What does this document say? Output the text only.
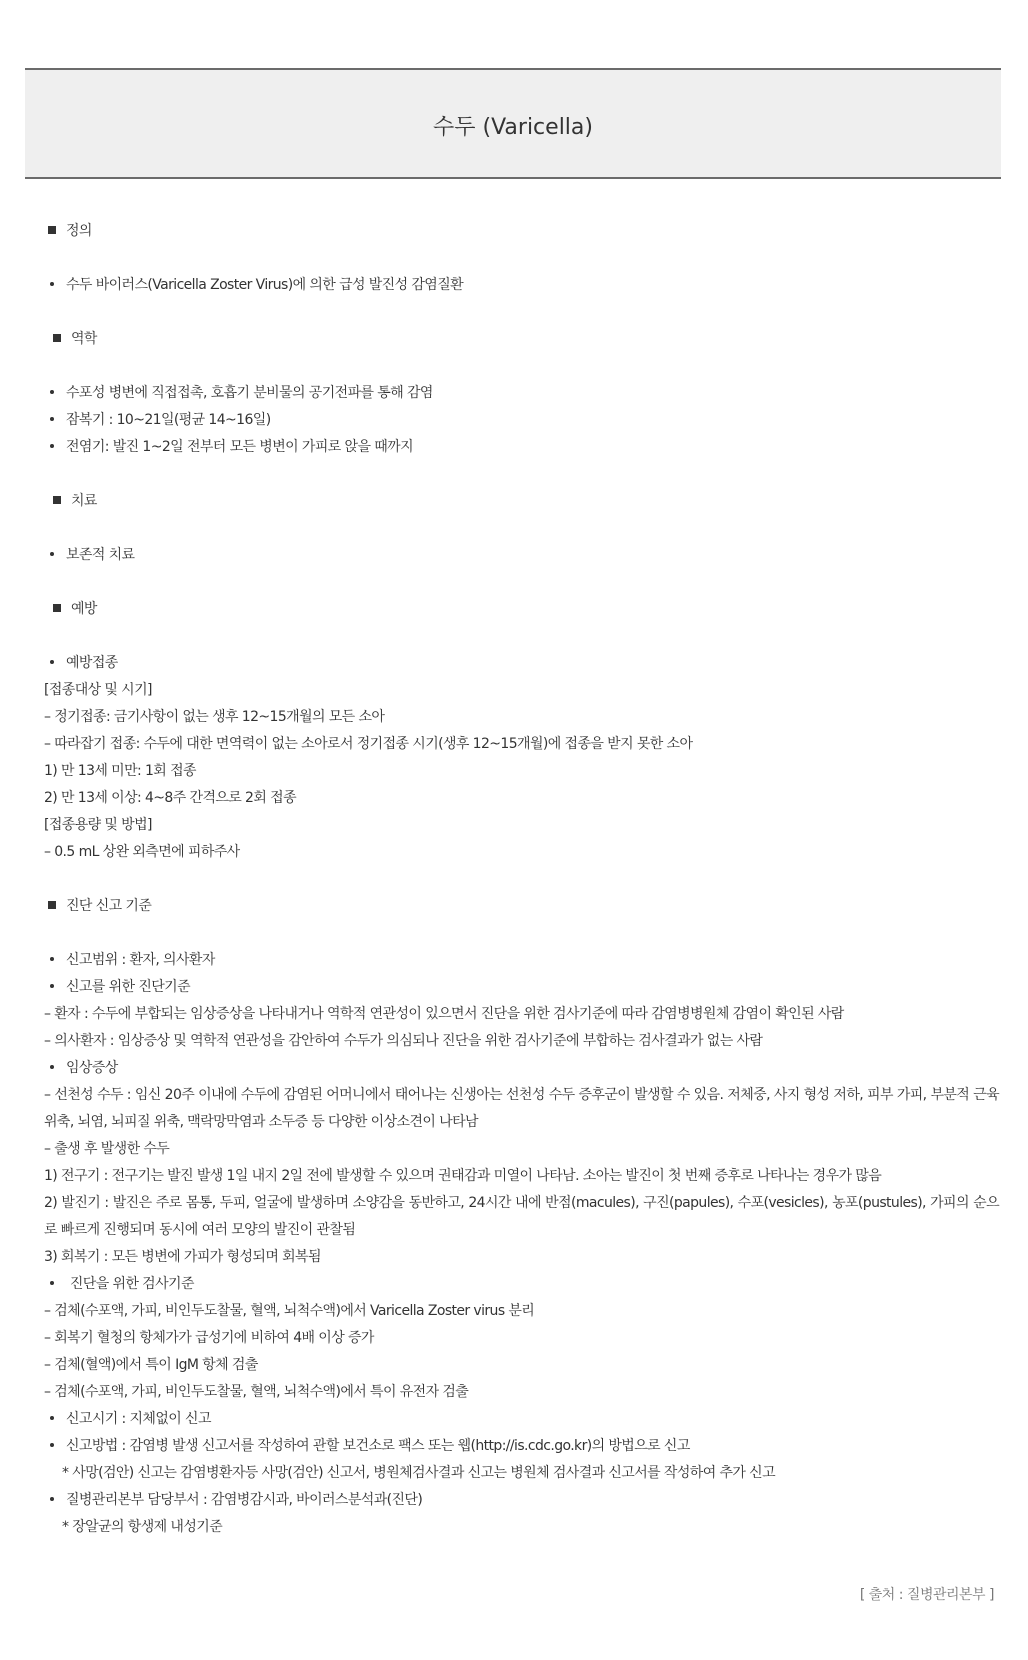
수두 (Varicella)
정의
수두 바이러스(Varicella Zoster Virus)에 의한 급성 발진성 감염질환
역학
수포성 병변에 직접접촉, 호흡기 분비물의 공기전파를 통해 감염
잠복기 : 10~21일(평균 14~16일)
전염기: 발진 1~2일 전부터 모든 병변이 가피로 앉을 때까지
치료
보존적 치료
예방
예방접종
[접종대상 및 시기]
– 정기접종: 금기사항이 없는 생후 12~15개월의 모든 소아
– 따라잡기 접종: 수두에 대한 면역력이 없는 소아로서 정기접종 시기(생후 12~15개월)에 접종을 받지 못한 소아
1) 만 13세 미만: 1회 접종
2) 만 13세 이상: 4~8주 간격으로 2회 접종
[접종용량 및 방법]
– 0.5 mL 상완 외측면에 피하주사
진단 신고 기준
신고범위 : 환자, 의사환자
신고를 위한 진단기준
– 환자 : 수두에 부합되는 임상증상을 나타내거나 역학적 연관성이 있으면서 진단을 위한 검사기준에 따라 감염병병원체 감염이 확인된 사람
– 의사환자 : 임상증상 및 역학적 연관성을 감안하여 수두가 의심되나 진단을 위한 검사기준에 부합하는 검사결과가 없는 사람
임상증상
– 선천성 수두 : 임신 20주 이내에 수두에 감염된 어머니에서 태어나는 신생아는 선천성 수두 증후군이 발생할 수 있음. 저체중, 사지 형성 저하, 피부 가피, 부분적 근육 위축, 뇌염, 뇌피질 위축, 맥락망막염과 소두증 등 다양한 이상소견이 나타남
– 출생 후 발생한 수두
1) 전구기 : 전구기는 발진 발생 1일 내지 2일 전에 발생할 수 있으며 권태감과 미열이 나타남. 소아는 발진이 첫 번째 증후로 나타나는 경우가 많음
2) 발진기 : 발진은 주로 몸통, 두피, 얼굴에 발생하며 소양감을 동반하고, 24시간 내에 반점(macules), 구진(papules), 수포(vesicles), 농포(pustules), 가피의 순으로 빠르게 진행되며 동시에 여러 모양의 발진이 관찰됨
3) 회복기 : 모든 병변에 가피가 형성되며 회복됨
진단을 위한 검사기준
– 검체(수포액, 가피, 비인두도찰물, 혈액, 뇌척수액)에서 Varicella Zoster virus 분리
– 회복기 혈청의 항체가가 급성기에 비하여 4배 이상 증가
– 검체(혈액)에서 특이 IgM 항체 검출
– 검체(수포액, 가피, 비인두도찰물, 혈액, 뇌척수액)에서 특이 유전자 검출
신고시기 : 지체없이 신고
신고방법 : 감염병 발생 신고서를 작성하여 관할 보건소로 팩스 또는 웹(http://is.cdc.go.kr)의 방법으로 신고
* 사망(검안) 신고는 감염병환자등 사망(검안) 신고서, 병원체검사결과 신고는 병원체 검사결과 신고서를 작성하여 추가 신고
질병관리본부 담당부서 : 감염병감시과, 바이러스분석과(진단)
* 장알균의 항생제 내성기준
[ 출처 : 질병관리본부 ]
